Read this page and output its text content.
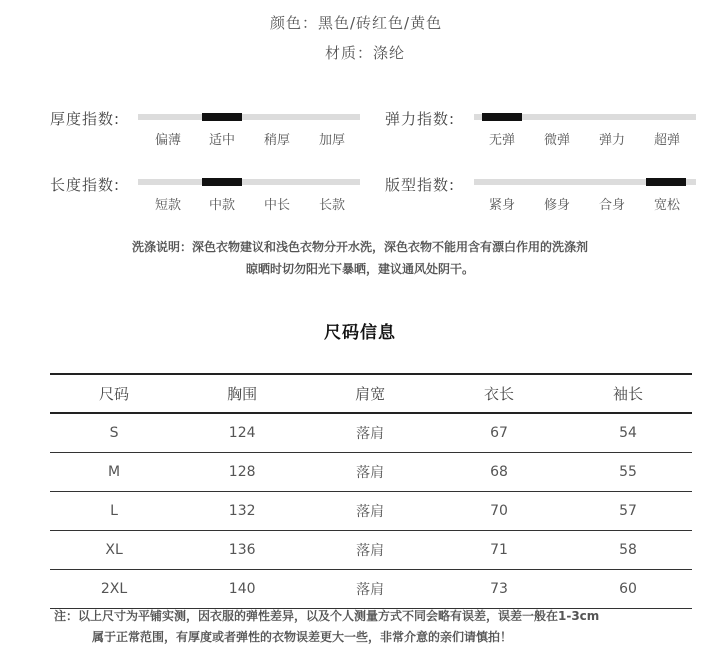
颜色：黑色/砖红色/黄色
材质：涤纶
厚度指数:
偏薄	适中	稍厚	加厚
弹力指数:
无弹	微弹	弹力	超弹
长度指数:
短款	中款	中长	长款
版型指数:
紧身	修身	合身	宽松
洗涤说明：深色衣物建议和浅色衣物分开水洗，深色衣物不能用含有漂白作用的洗涤剂
晾晒时切勿阳光下暴晒，建议通风处阴干。
尺码信息
尺码	胸围	肩宽	衣长	袖长
S	124	落肩	67	54
M	128	落肩	68	55
L	132	落肩	70	57
XL	136	落肩	71	58
2XL	140	落肩	73	60
注：以上尺寸为平铺实测，因衣服的弹性差异，以及个人测量方式不同会略有误差，误差一般在1-3cm
属于正常范围，有厚度或者弹性的衣物误差更大一些，非常介意的亲们请慎拍！
